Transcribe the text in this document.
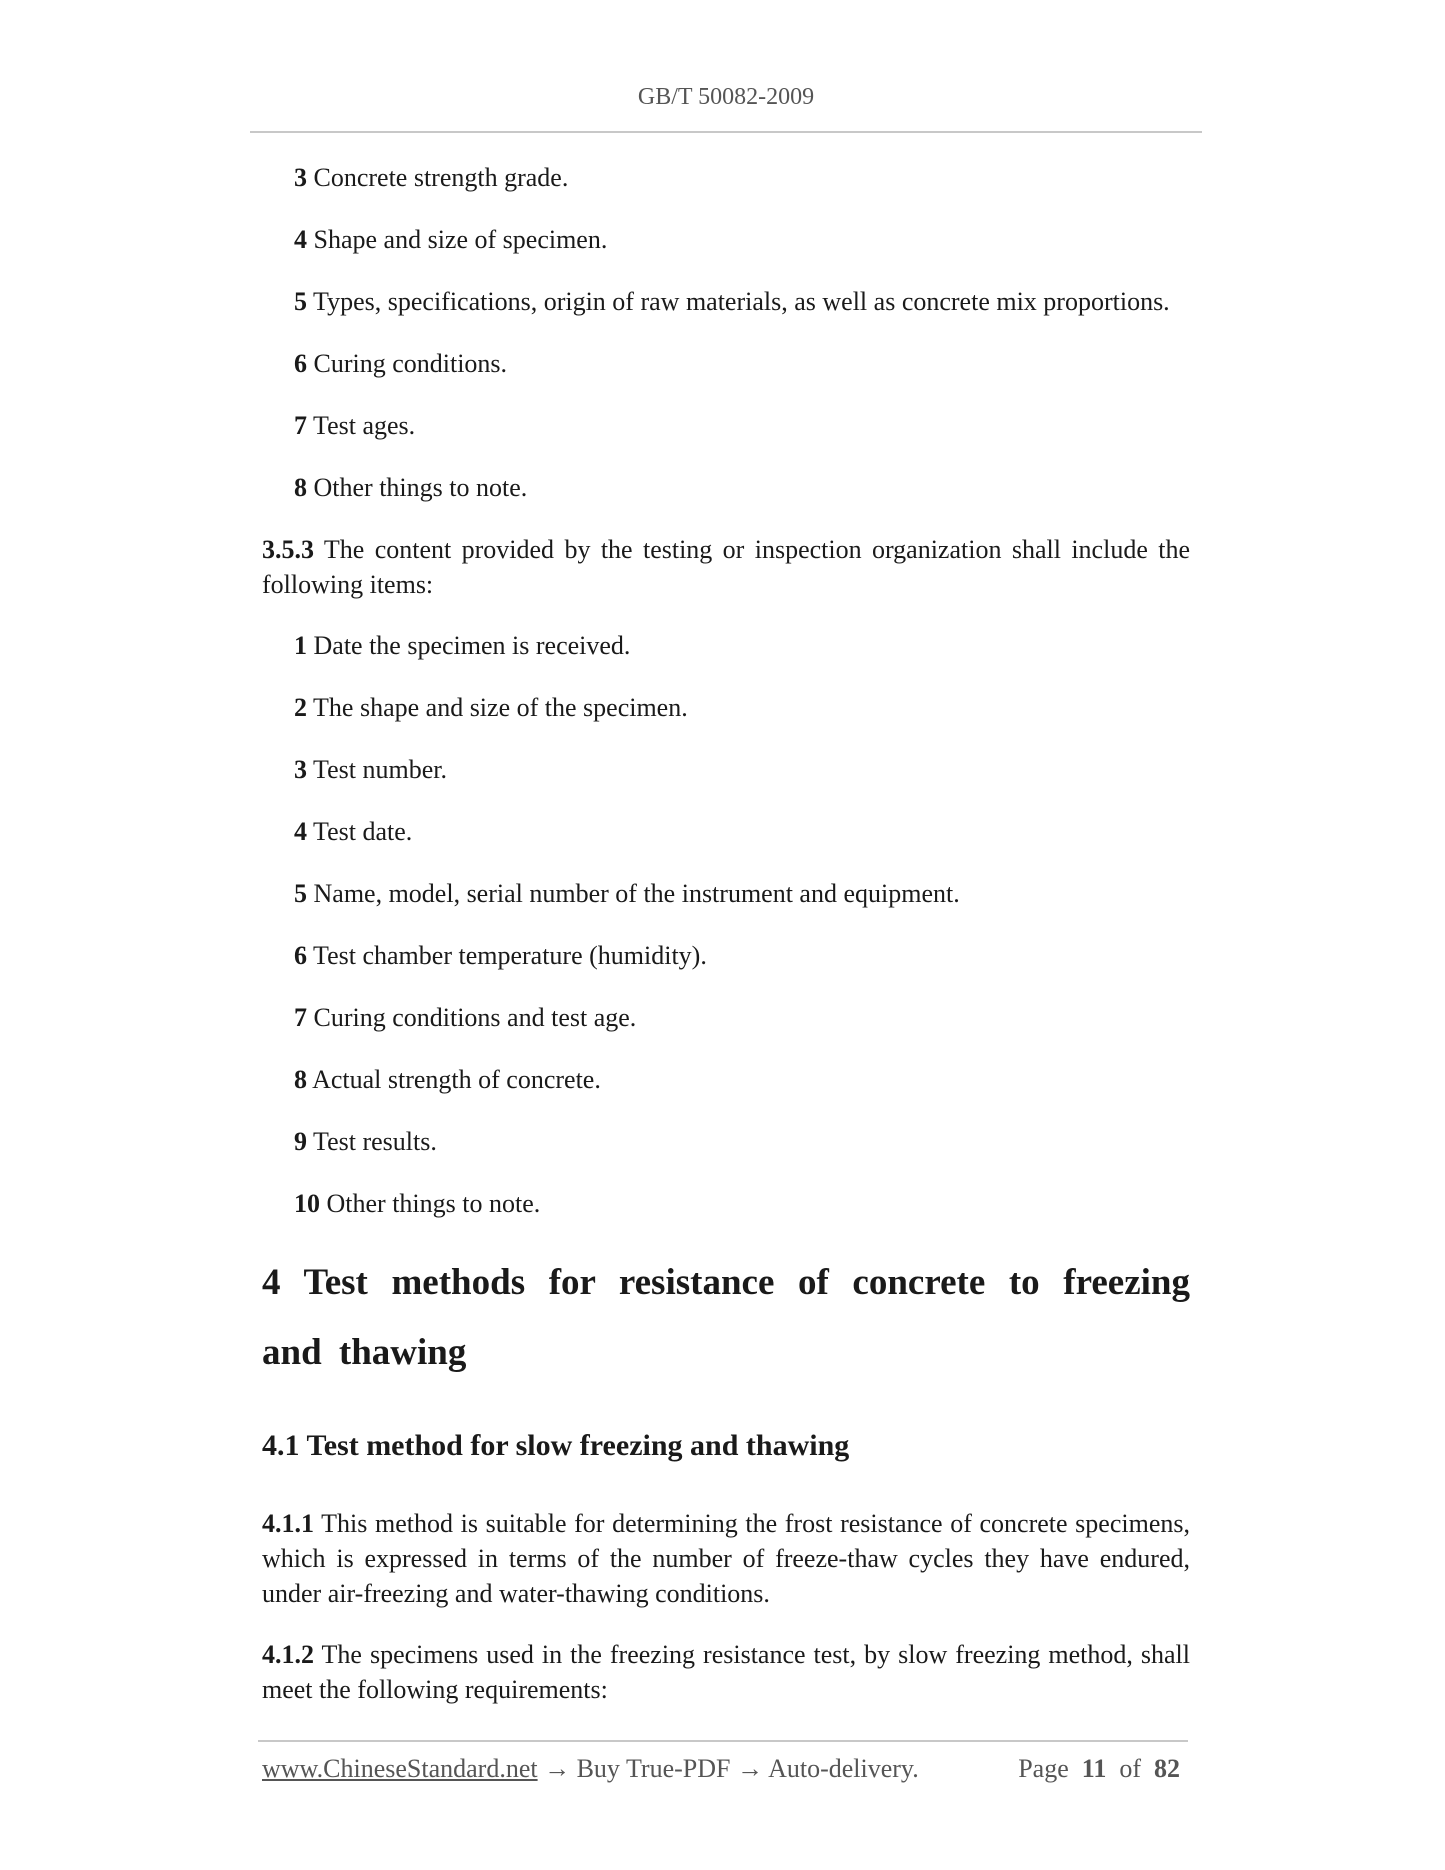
GB/T 50082-2009
3 Concrete strength grade.
4 Shape and size of specimen.
5 Types, specifications, origin of raw materials, as well as concrete mix proportions.
6 Curing conditions.
7 Test ages.
8 Other things to note.
3.5.3 The content provided by the testing or inspection organization shall include the following items:
1 Date the specimen is received.
2 The shape and size of the specimen.
3 Test number.
4 Test date.
5 Name, model, serial number of the instrument and equipment.
6 Test chamber temperature (humidity).
7 Curing conditions and test age.
8 Actual strength of concrete.
9 Test results.
10 Other things to note.
4 Test methods for resistance of concrete to freezing and thawing
4.1 Test method for slow freezing and thawing
4.1.1 This method is suitable for determining the frost resistance of concrete specimens, which is expressed in terms of the number of freeze-thaw cycles they have endured, under air-freezing and water-thawing conditions.
4.1.2 The specimens used in the freezing resistance test, by slow freezing method, shall meet the following requirements:
www.ChineseStandard.net → Buy True-PDF → Auto-delivery.	Page 11 of 82
